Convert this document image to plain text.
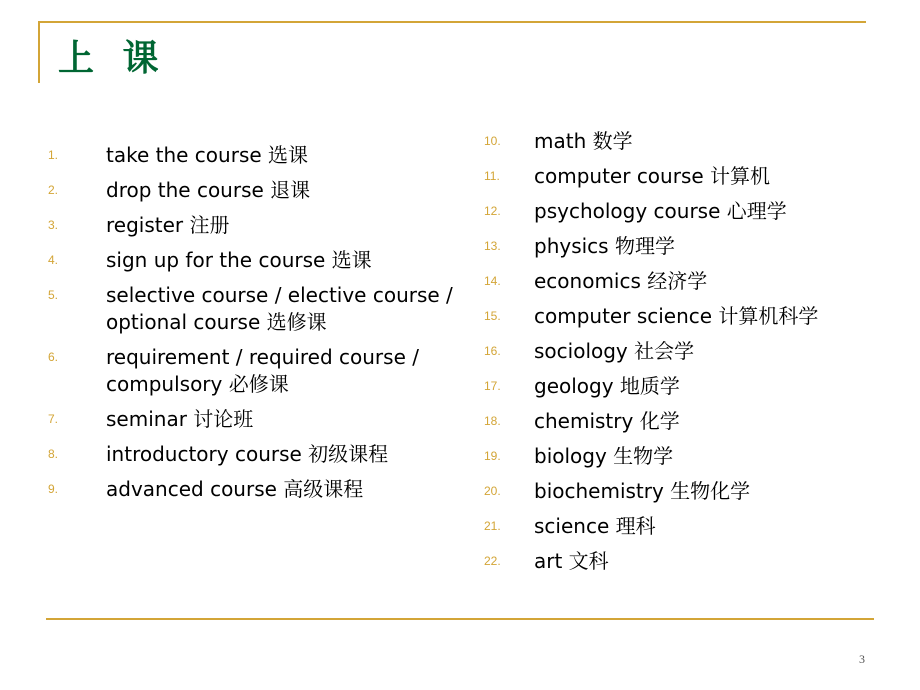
上 课
1.	take the course 选课
2.	drop the course 退课
3.	register 注册
4.	sign up for the course 选课
5.	selective course / elective course /
optional course 选修课
6.	requirement / required course /
compulsory 必修课
7.	seminar 讨论班
8.	introductory course 初级课程
9.	advanced course 高级课程
10.	math 数学
11.	computer course 计算机
12.	psychology course 心理学
13.	physics 物理学
14.	economics 经济学
15.	computer science 计算机科学
16.	sociology 社会学
17.	geology 地质学
18.	chemistry 化学
19.	biology 生物学
20.	biochemistry 生物化学
21.	science 理科
22.	art 文科
3
